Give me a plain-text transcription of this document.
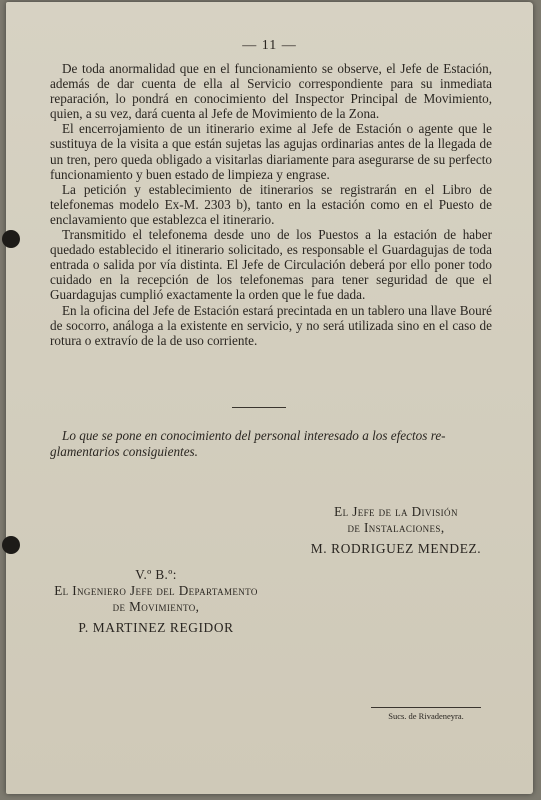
— 11 —

De toda anormalidad que en el funcionamiento se observe, el Jefe de Estación, además de dar cuenta de ella al Servicio correspondiente para su inmediata reparación, lo pondrá en conocimiento del Inspector Principal de Movimiento, quien, a su vez, dará cuenta al Jefe de Movimiento de la Zona.

El encerrojamiento de un itinerario exime al Jefe de Estación o agente que le sustituya de la visita a que están sujetas las agujas ordinarias antes de la llegada de un tren, pero queda obligado a visitarlas diariamente para asegurarse de su perfecto funcionamiento y buen estado de limpieza y engrase.

La petición y establecimiento de itinerarios se registrarán en el Libro de telefonemas modelo Ex-M. 2303 b), tanto en la estación como en el Puesto de enclavamiento que establezca el itinerario.

Transmitido el telefonema desde uno de los Puestos a la estación de haber quedado establecido el itinerario solicitado, es responsable el Guardagujas de toda entrada o salida por vía distinta. El Jefe de Circulación deberá por ello poner todo cuidado en la recepción de los telefonemas para tener seguridad de que el Guardagujas cumplió exactamente la orden que le fue dada.

En la oficina del Jefe de Estación estará precintada en un tablero una llave Bouré de socorro, análoga a la existente en servicio, y no será utilizada sino en el caso de rotura o extravío de la de uso corriente.

Lo que se pone en conocimiento del personal interesado a los efectos re-
glamentarios consiguientes.
El Jefe de la División
de Instalaciones,
M. RODRIGUEZ MENDEZ.
V.º B.º:
El Ingeniero Jefe del Departamento
de Movimiento,
P. MARTINEZ REGIDOR
Sucs. de Rivadeneyra.
